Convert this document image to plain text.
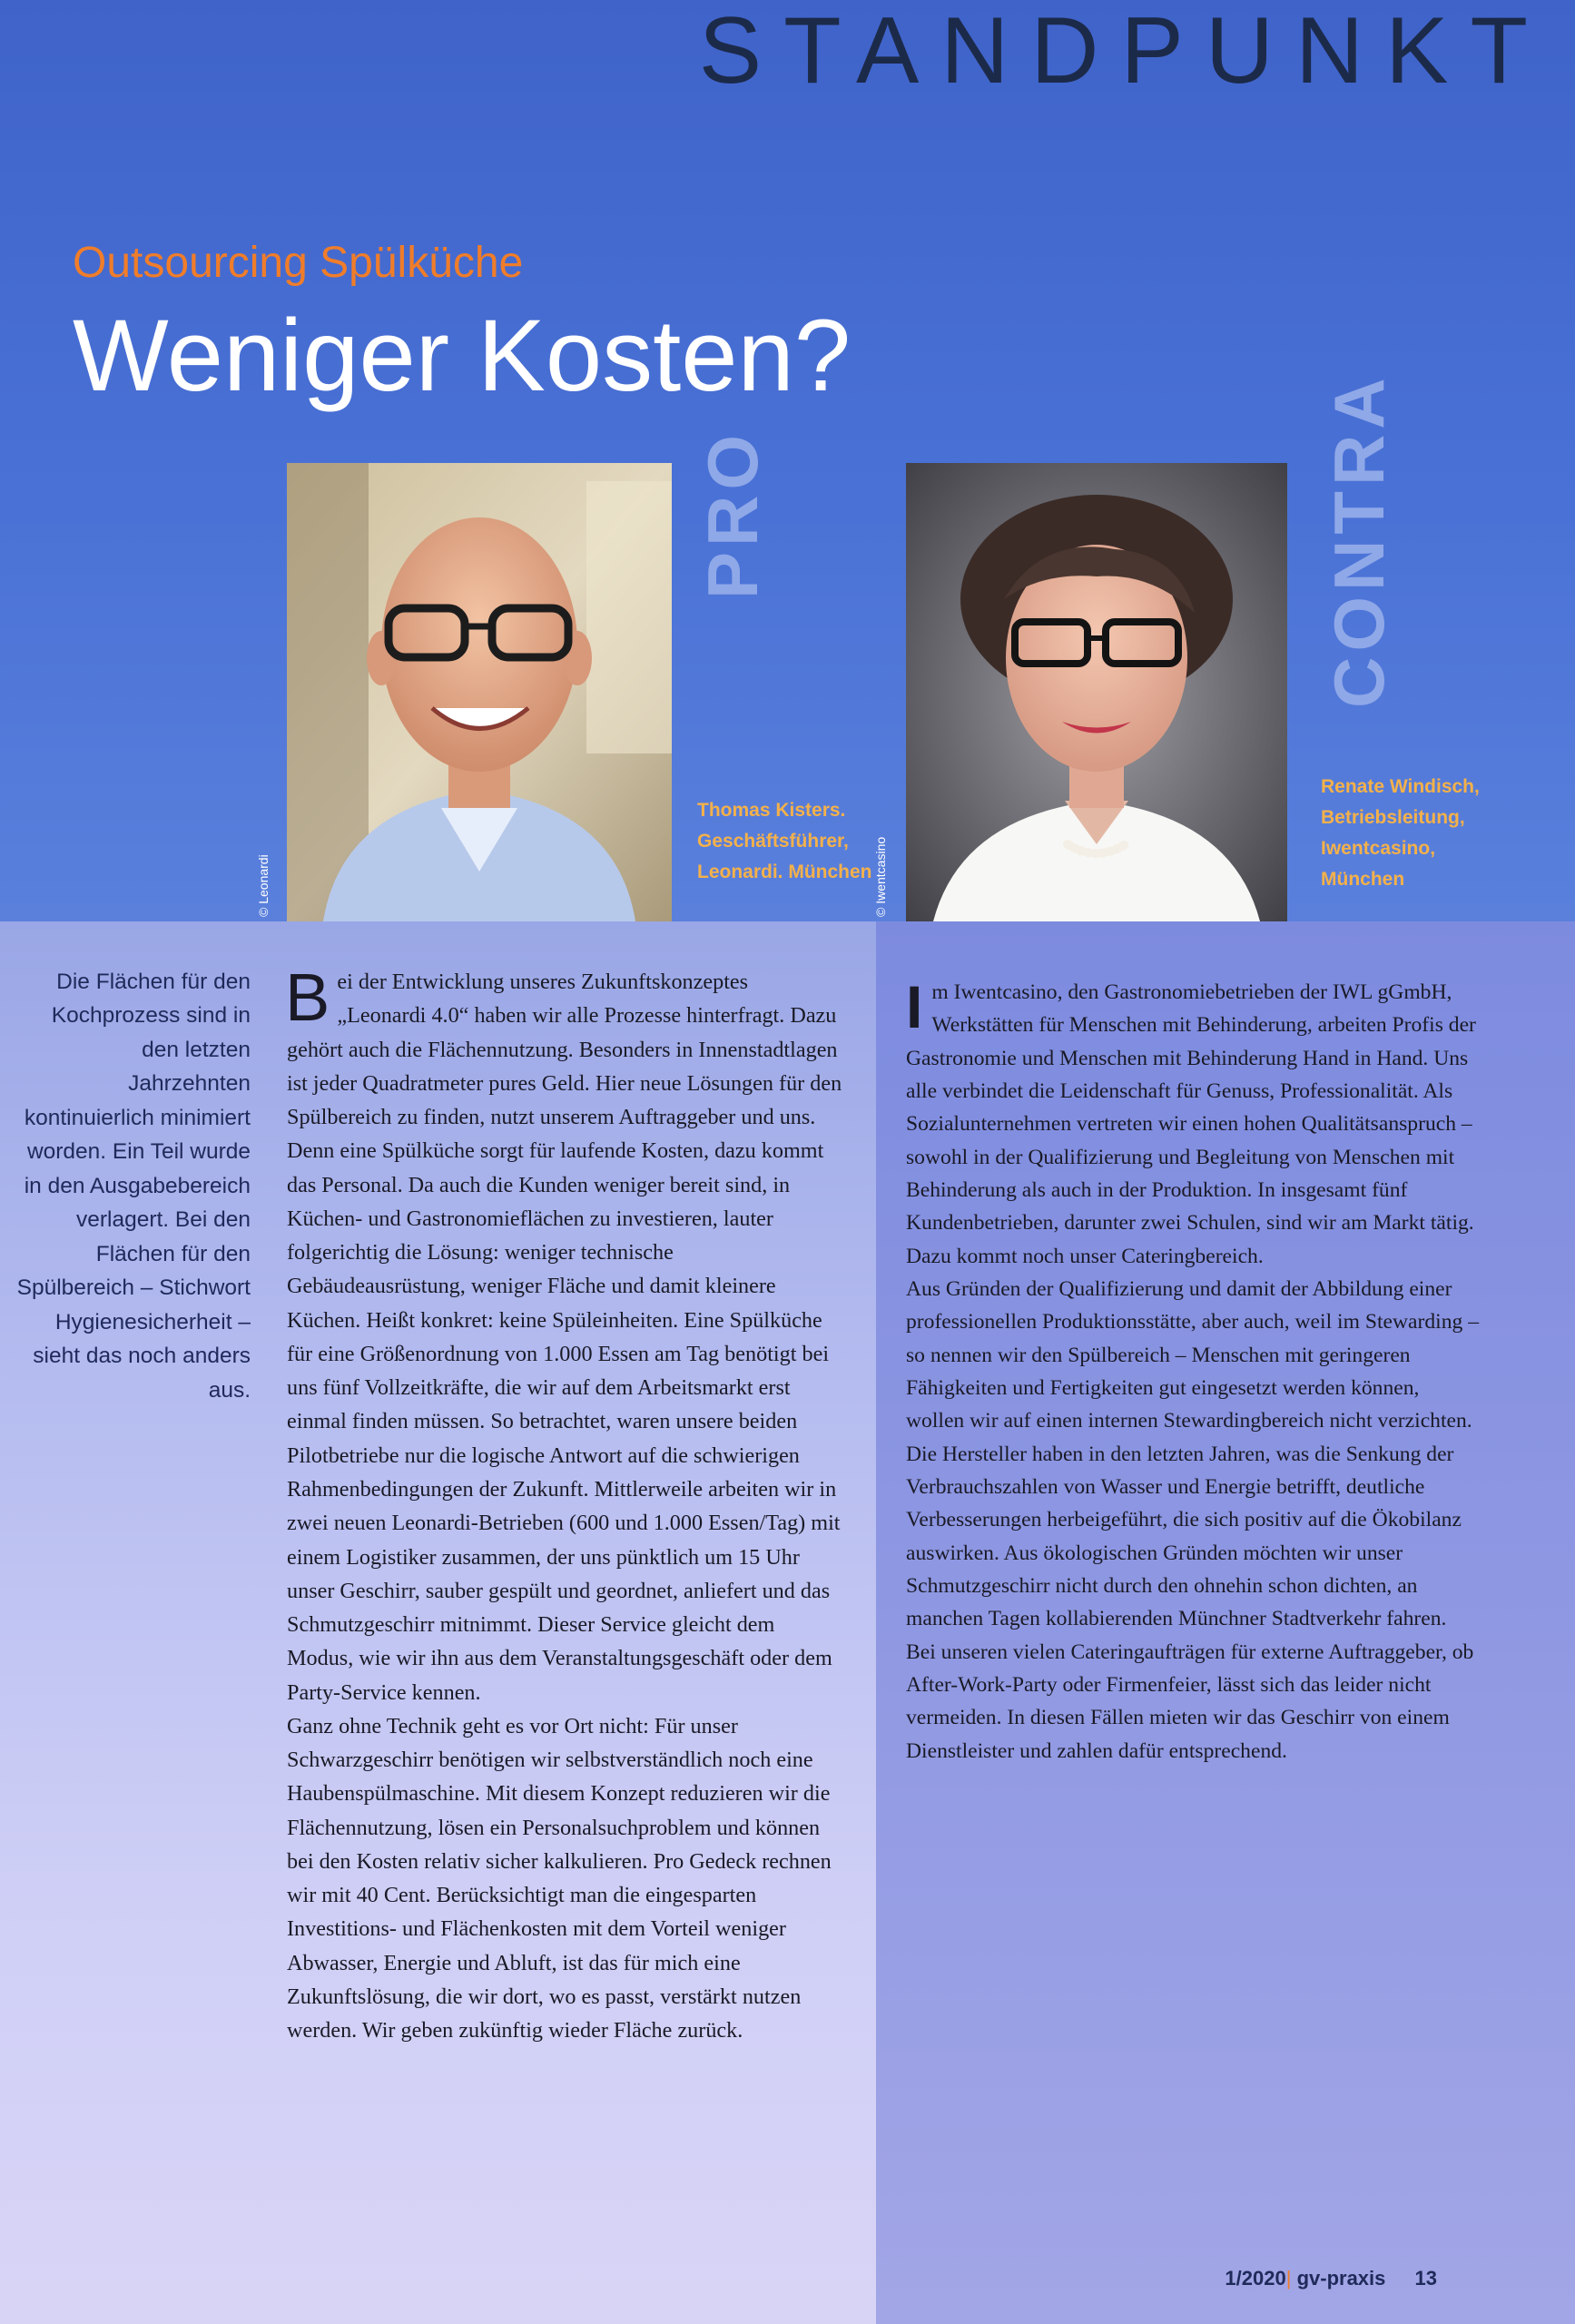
STANDPUNKT
Outsourcing Spülküche
Weniger Kosten?
© Leonardi
PRO
Thomas Kisters.
Geschäftsführer,
Leonardi. München © Iwentcasino
CONTRA
Renate Windisch,
Betriebsleitung,
Iwentcasino,
München

Die Flächen für den Kochprozess sind in den letzten Jahrzehnten kontinuierlich minimiert worden. Ein Teil wurde in den Ausgabebereich verlagert. Bei den Flächen für den Spülbereich – Stichwort Hygienesicherheit – sieht das noch anders aus.

Bei der Entwicklung unseres Zukunftskonzeptes „Leonardi 4.0“ haben wir alle Prozesse hinterfragt. Dazu gehört auch die Flächennutzung. Besonders in Innenstadtlagen ist jeder Quadratmeter pures Geld. Hier neue Lösungen für den Spülbereich zu finden, nutzt unserem Auftraggeber und uns. Denn eine Spülküche sorgt für laufende Kosten, dazu kommt das Personal. Da auch die Kunden weniger bereit sind, in Küchen- und Gastronomieflächen zu investieren, lauter folgerichtig die Lösung: weniger technische Gebäudeausrüstung, weniger Fläche und damit kleinere Küchen. Heißt konkret: keine Spüleinheiten. Eine Spülküche für eine Größenordnung von 1.000 Essen am Tag benötigt bei uns fünf Vollzeitkräfte, die wir auf dem Arbeitsmarkt erst einmal finden müssen. So betrachtet, waren unsere beiden Pilotbetriebe nur die logische Antwort auf die schwierigen Rahmenbedingungen der Zukunft. Mittlerweile arbeiten wir in zwei neuen Leonardi-Betrieben (600 und 1.000 Essen/Tag) mit einem Logistiker zusammen, der uns pünktlich um 15 Uhr unser Geschirr, sauber gespült und geordnet, anliefert und das Schmutzgeschirr mitnimmt. Dieser Service gleicht dem Modus, wie wir ihn aus dem Veranstaltungsgeschäft oder dem Party-Service kennen.

Ganz ohne Technik geht es vor Ort nicht: Für unser Schwarzgeschirr benötigen wir selbstverständlich noch eine Haubenspülmaschine. Mit diesem Konzept reduzieren wir die Flächennutzung, lösen ein Personalsuchproblem und können bei den Kosten relativ sicher kalkulieren. Pro Gedeck rechnen wir mit 40 Cent. Berücksichtigt man die eingesparten Investitions- und Flächenkosten mit dem Vorteil weniger Abwasser, Energie und Abluft, ist das für mich eine Zukunftslösung, die wir dort, wo es passt, verstärkt nutzen werden. Wir geben zukünftig wieder Fläche zurück.

Im Iwentcasino, den Gastronomiebetrieben der IWL gGmbH, Werkstätten für Menschen mit Behinderung, arbeiten Profis der Gastronomie und Menschen mit Behinderung Hand in Hand. Uns alle verbindet die Leidenschaft für Genuss, Professionalität. Als Sozialunternehmen vertreten wir einen hohen Qualitätsanspruch – sowohl in der Qualifizierung und Begleitung von Menschen mit Behinderung als auch in der Produktion. In insgesamt fünf Kundenbetrieben, darunter zwei Schulen, sind wir am Markt tätig. Dazu kommt noch unser Cateringbereich.

Aus Gründen der Qualifizierung und damit der Abbildung einer professionellen Produktionsstätte, aber auch, weil im Stewarding – so nennen wir den Spülbereich – Menschen mit geringeren Fähigkeiten und Fertigkeiten gut eingesetzt werden können, wollen wir auf einen internen Stewardingbereich nicht verzichten. Die Hersteller haben in den letzten Jahren, was die Senkung der Verbrauchszahlen von Wasser und Energie betrifft, deutliche Verbesserungen herbeigeführt, die sich positiv auf die Ökobilanz auswirken. Aus ökologischen Gründen möchten wir unser Schmutzgeschirr nicht durch den ohnehin schon dichten, an manchen Tagen kollabierenden Münchner Stadtverkehr fahren. Bei unseren vielen Cateringaufträgen für externe Auftraggeber, ob After-Work-Party oder Firmenfeier, lässt sich das leider nicht vermeiden. In diesen Fällen mieten wir das Geschirr von einem Dienstleister und zahlen dafür entsprechend.

1/2020| gv-praxis 13
